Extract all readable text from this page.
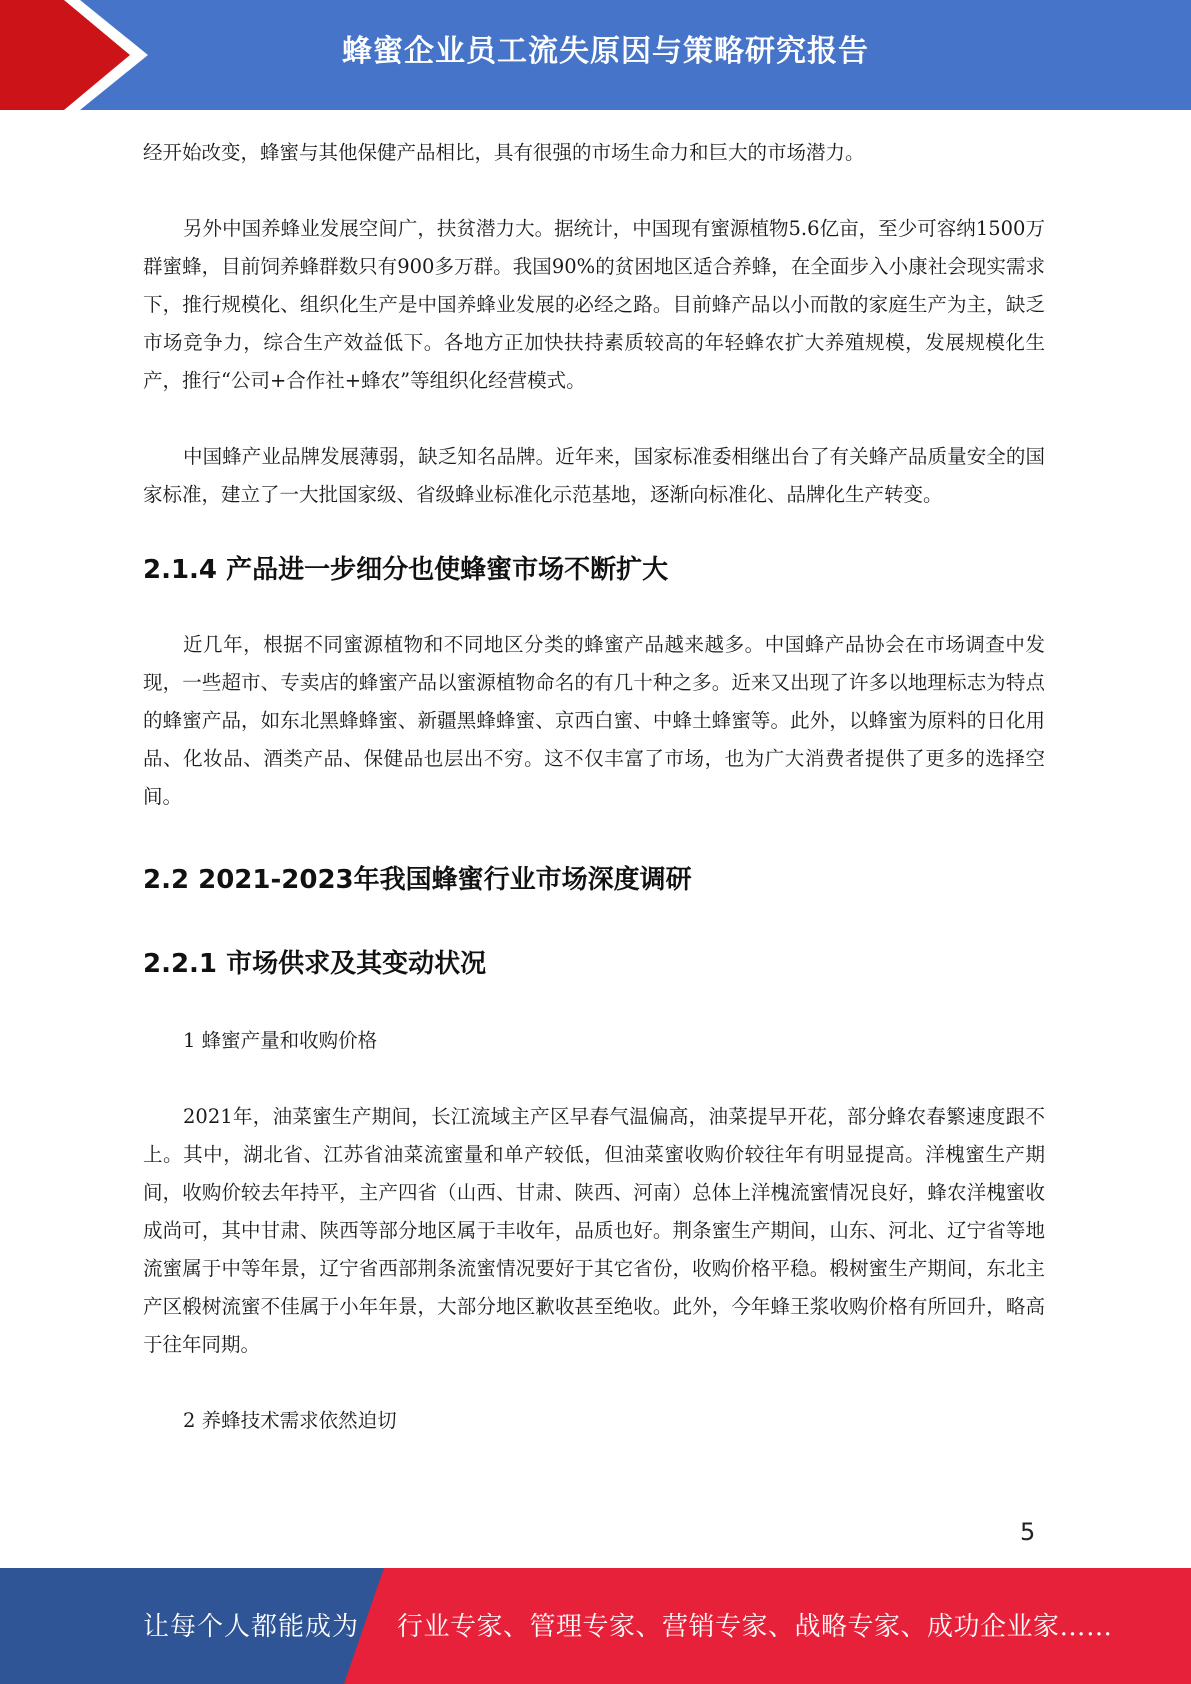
蜂蜜企业员工流失原因与策略研究报告

经开始改变，蜂蜜与其他保健产品相比，具有很强的市场生命力和巨大的市场潜力。

另外中国养蜂业发展空间广，扶贫潜力大。据统计，中国现有蜜源植物5.6亿亩，至少可容纳1500万群蜜蜂，目前饲养蜂群数只有900多万群。我国90%的贫困地区适合养蜂，在全面步入小康社会现实需求下，推行规模化、组织化生产是中国养蜂业发展的必经之路。目前蜂产品以小而散的家庭生产为主，缺乏市场竞争力，综合生产效益低下。各地方正加快扶持素质较高的年轻蜂农扩大养殖规模，发展规模化生产，推行“公司+合作社+蜂农”等组织化经营模式。

中国蜂产业品牌发展薄弱，缺乏知名品牌。近年来，国家标准委相继出台了有关蜂产品质量安全的国家标准，建立了一大批国家级、省级蜂业标准化示范基地，逐渐向标准化、品牌化生产转变。

2.1.4 产品进一步细分也使蜂蜜市场不断扩大

近几年，根据不同蜜源植物和不同地区分类的蜂蜜产品越来越多。中国蜂产品协会在市场调查中发现，一些超市、专卖店的蜂蜜产品以蜜源植物命名的有几十种之多。近来又出现了许多以地理标志为特点的蜂蜜产品，如东北黑蜂蜂蜜、新疆黑蜂蜂蜜、京西白蜜、中蜂土蜂蜜等。此外，以蜂蜜为原料的日化用品、化妆品、酒类产品、保健品也层出不穷。这不仅丰富了市场，也为广大消费者提供了更多的选择空间。

2.2 2021-2023年我国蜂蜜行业市场深度调研
2.2.1 市场供求及其变动状况

1 蜂蜜产量和收购价格

2021年，油菜蜜生产期间，长江流域主产区早春气温偏高，油菜提早开花，部分蜂农春繁速度跟不上。其中，湖北省、江苏省油菜流蜜量和单产较低，但油菜蜜收购价较往年有明显提高。洋槐蜜生产期间，收购价较去年持平，主产四省（山西、甘肃、陕西、河南）总体上洋槐流蜜情况良好，蜂农洋槐蜜收成尚可，其中甘肃、陕西等部分地区属于丰收年，品质也好。荆条蜜生产期间，山东、河北、辽宁省等地流蜜属于中等年景，辽宁省西部荆条流蜜情况要好于其它省份，收购价格平稳。椴树蜜生产期间，东北主产区椴树流蜜不佳属于小年年景，大部分地区歉收甚至绝收。此外，今年蜂王浆收购价格有所回升，略高于往年同期。

2 养蜂技术需求依然迫切

5
让每个人都能成为 行业专家、管理专家、营销专家、战略专家、成功企业家……
